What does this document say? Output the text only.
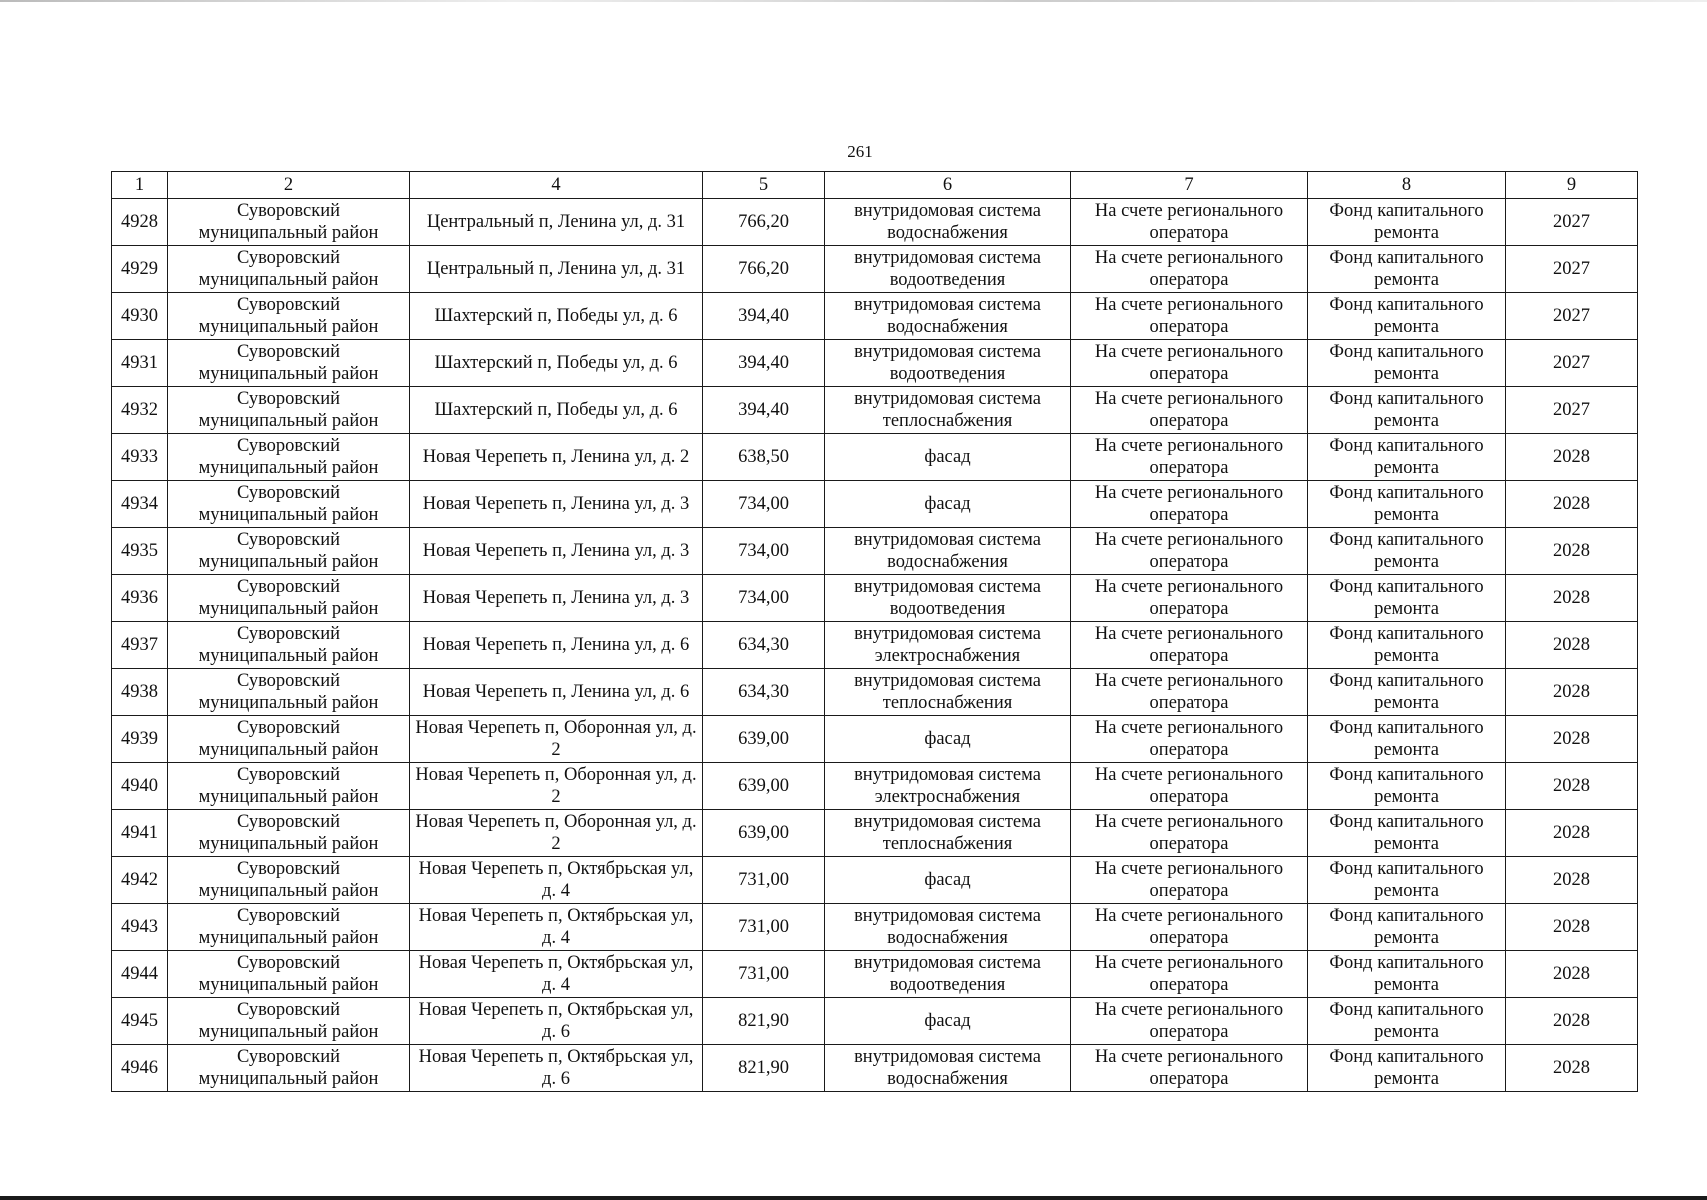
261
1	2	4	5	6	7	8	9
4928	Суворовский муниципальный район	Центральный п, Ленина ул, д. 31	766,20	внутридомовая система водоснабжения	На счете регионального оператора	Фонд капитального ремонта	2027
4929	Суворовский муниципальный район	Центральный п, Ленина ул, д. 31	766,20	внутридомовая система водоотведения	На счете регионального оператора	Фонд капитального ремонта	2027
4930	Суворовский муниципальный район	Шахтерский п, Победы ул, д. 6	394,40	внутридомовая система водоснабжения	На счете регионального оператора	Фонд капитального ремонта	2027
4931	Суворовский муниципальный район	Шахтерский п, Победы ул, д. 6	394,40	внутридомовая система водоотведения	На счете регионального оператора	Фонд капитального ремонта	2027
4932	Суворовский муниципальный район	Шахтерский п, Победы ул, д. 6	394,40	внутридомовая система теплоснабжения	На счете регионального оператора	Фонд капитального ремонта	2027
4933	Суворовский муниципальный район	Новая Черепеть п, Ленина ул, д. 2	638,50	фасад	На счете регионального оператора	Фонд капитального ремонта	2028
4934	Суворовский муниципальный район	Новая Черепеть п, Ленина ул, д. 3	734,00	фасад	На счете регионального оператора	Фонд капитального ремонта	2028
4935	Суворовский муниципальный район	Новая Черепеть п, Ленина ул, д. 3	734,00	внутридомовая система водоснабжения	На счете регионального оператора	Фонд капитального ремонта	2028
4936	Суворовский муниципальный район	Новая Черепеть п, Ленина ул, д. 3	734,00	внутридомовая система водоотведения	На счете регионального оператора	Фонд капитального ремонта	2028
4937	Суворовский муниципальный район	Новая Черепеть п, Ленина ул, д. 6	634,30	внутридомовая система электроснабжения	На счете регионального оператора	Фонд капитального ремонта	2028
4938	Суворовский муниципальный район	Новая Черепеть п, Ленина ул, д. 6	634,30	внутридомовая система теплоснабжения	На счете регионального оператора	Фонд капитального ремонта	2028
4939	Суворовский муниципальный район	Новая Черепеть п, Оборонная ул, д. 2	639,00	фасад	На счете регионального оператора	Фонд капитального ремонта	2028
4940	Суворовский муниципальный район	Новая Черепеть п, Оборонная ул, д. 2	639,00	внутридомовая система электроснабжения	На счете регионального оператора	Фонд капитального ремонта	2028
4941	Суворовский муниципальный район	Новая Черепеть п, Оборонная ул, д. 2	639,00	внутридомовая система теплоснабжения	На счете регионального оператора	Фонд капитального ремонта	2028
4942	Суворовский муниципальный район	Новая Черепеть п, Октябрьская ул, д. 4	731,00	фасад	На счете регионального оператора	Фонд капитального ремонта	2028
4943	Суворовский муниципальный район	Новая Черепеть п, Октябрьская ул, д. 4	731,00	внутридомовая система водоснабжения	На счете регионального оператора	Фонд капитального ремонта	2028
4944	Суворовский муниципальный район	Новая Черепеть п, Октябрьская ул, д. 4	731,00	внутридомовая система водоотведения	На счете регионального оператора	Фонд капитального ремонта	2028
4945	Суворовский муниципальный район	Новая Черепеть п, Октябрьская ул, д. 6	821,90	фасад	На счете регионального оператора	Фонд капитального ремонта	2028
4946	Суворовский муниципальный район	Новая Черепеть п, Октябрьская ул, д. 6	821,90	внутридомовая система водоснабжения	На счете регионального оператора	Фонд капитального ремонта	2028
